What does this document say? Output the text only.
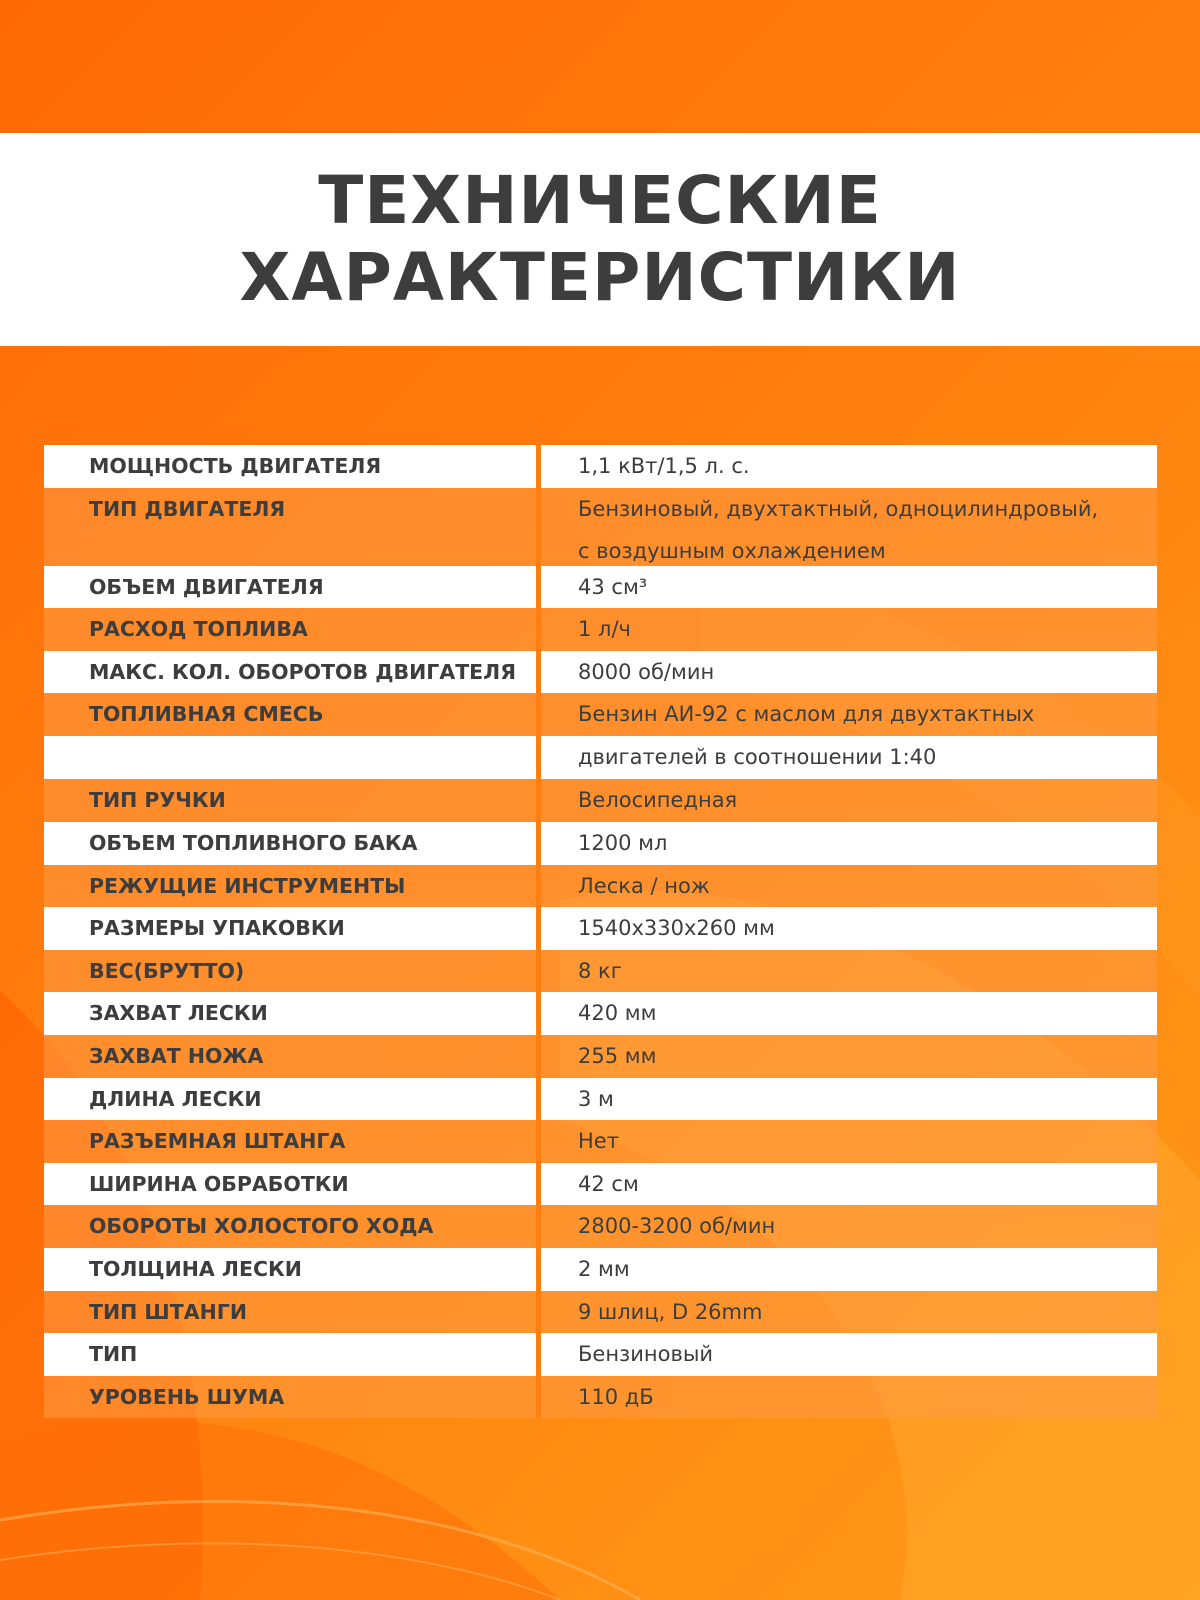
ТЕХНИЧЕСКИЕ
ХАРАКТЕРИСТИКИ
МОЩНОСТЬ ДВИГАТЕЛЯ	1,1 кВт/1,5 л. с.
ТИП ДВИГАТЕЛЯ	Бензиновый, двухтактный, одноцилиндровый,
с воздушным охлаждением
ОБЪЕМ ДВИГАТЕЛЯ	43 см³
РАСХОД ТОПЛИВА	1 л/ч
МАКС. КОЛ. ОБОРОТОВ ДВИГАТЕЛЯ	8000 об/мин
ТОПЛИВНАЯ СМЕСЬ	Бензин АИ-92 с маслом для двухтактных
двигателей в соотношении 1:40
ТИП РУЧКИ	Велосипедная
ОБЪЕМ ТОПЛИВНОГО БАКА	1200 мл
РЕЖУЩИЕ ИНСТРУМЕНТЫ	Леска / нож
РАЗМЕРЫ УПАКОВКИ	1540х330х260 мм
ВЕС(БРУТТО)	8 кг
ЗАХВАТ ЛЕСКИ	420 мм
ЗАХВАТ НОЖА	255 мм
ДЛИНА ЛЕСКИ	3 м
РАЗЪЕМНАЯ ШТАНГА	Нет
ШИРИНА ОБРАБОТКИ	42 см
ОБОРОТЫ ХОЛОСТОГО ХОДА	2800-3200 об/мин
ТОЛЩИНА ЛЕСКИ	2 мм
ТИП ШТАНГИ	9 шлиц, D 26mm
ТИП	Бензиновый
УРОВЕНЬ ШУМА	110 дБ
